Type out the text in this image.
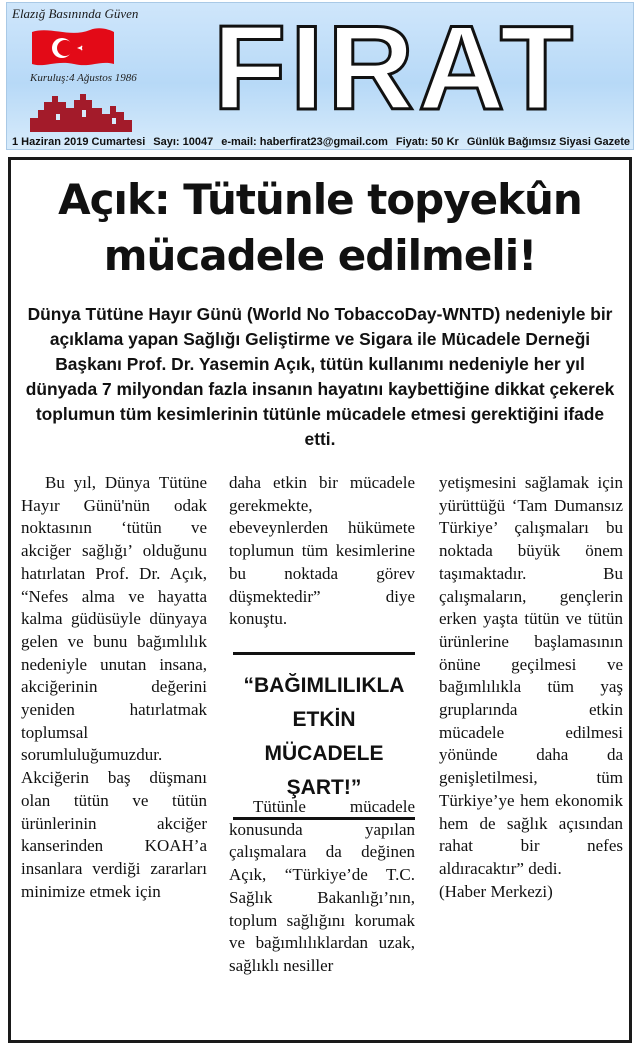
Elazığ Basınında Güven
Kuruluş:4 Ağustos 1986 FIRAT
1 Haziran 2019 Cumartesi Sayı: 10047 e-mail: haberfirat23@gmail.com Fiyatı: 50 Kr Günlük Bağımsız Siyasi Gazete
Açık: Tütünle topyekûn mücadele edilmeli!

Dünya Tütüne Hayır Günü (World No TobaccoDay-WNTD) nedeniyle bir açıklama yapan Sağlığı Geliştirme ve Sigara ile Mücadele Derneği Başkanı Prof. Dr. Yasemin Açık, tütün kullanımı nedeniyle her yıl dünyada 7 milyondan fazla insanın hayatını kaybettiğine dikkat çekerek toplumun tüm kesimlerinin tütünle mücadele etmesi gerektiğini ifade etti.

Bu yıl, Dünya Tütüne Hayır Günü'nün odak noktasının ‘tütün ve akciğer sağlığı’ olduğunu hatırlatan Prof. Dr. Açık, “Nefes alma ve hayatta kalma güdüsüyle dünyaya gelen ve bunu bağımlılık nedeniyle unutan insana, akciğerinin değerini yeniden hatırlatmak toplumsal sorumluluğumuzdur. Akciğerin baş düşmanı olan tütün ve tütün ürünlerinin akciğer kanserinden KOAH’a insanlara verdiği zararları minimize etmek için

daha etkin bir mücadele gerekmekte, ebeveynlerden hükümete toplumun tüm kesimlerine bu noktada görev düşmektedir” diye konuştu.

“BAĞIMLILIKLA ETKİN MÜCADELE ŞART!”

Tütünle mücadele konusunda yapılan çalışmalara da değinen Açık, “Türkiye’de T.C. Sağlık Bakanlığı’nın, toplum sağlığını korumak ve bağımlılıklardan uzak, sağlıklı nesiller

yetişmesini sağlamak için yürüttüğü ‘Tam Dumansız Türkiye’ çalışmaları bu noktada büyük önem taşımaktadır. Bu çalışmaların, gençlerin erken yaşta tütün ve tütün ürünlerine başlamasının önüne geçilmesi ve bağımlılıkla tüm yaş gruplarında etkin mücadele edilmesi yönünde daha da genişletilmesi, tüm Türkiye’ye hem ekonomik hem de sağlık açısından rahat bir nefes aldıracaktır” dedi.

(Haber Merkezi)
